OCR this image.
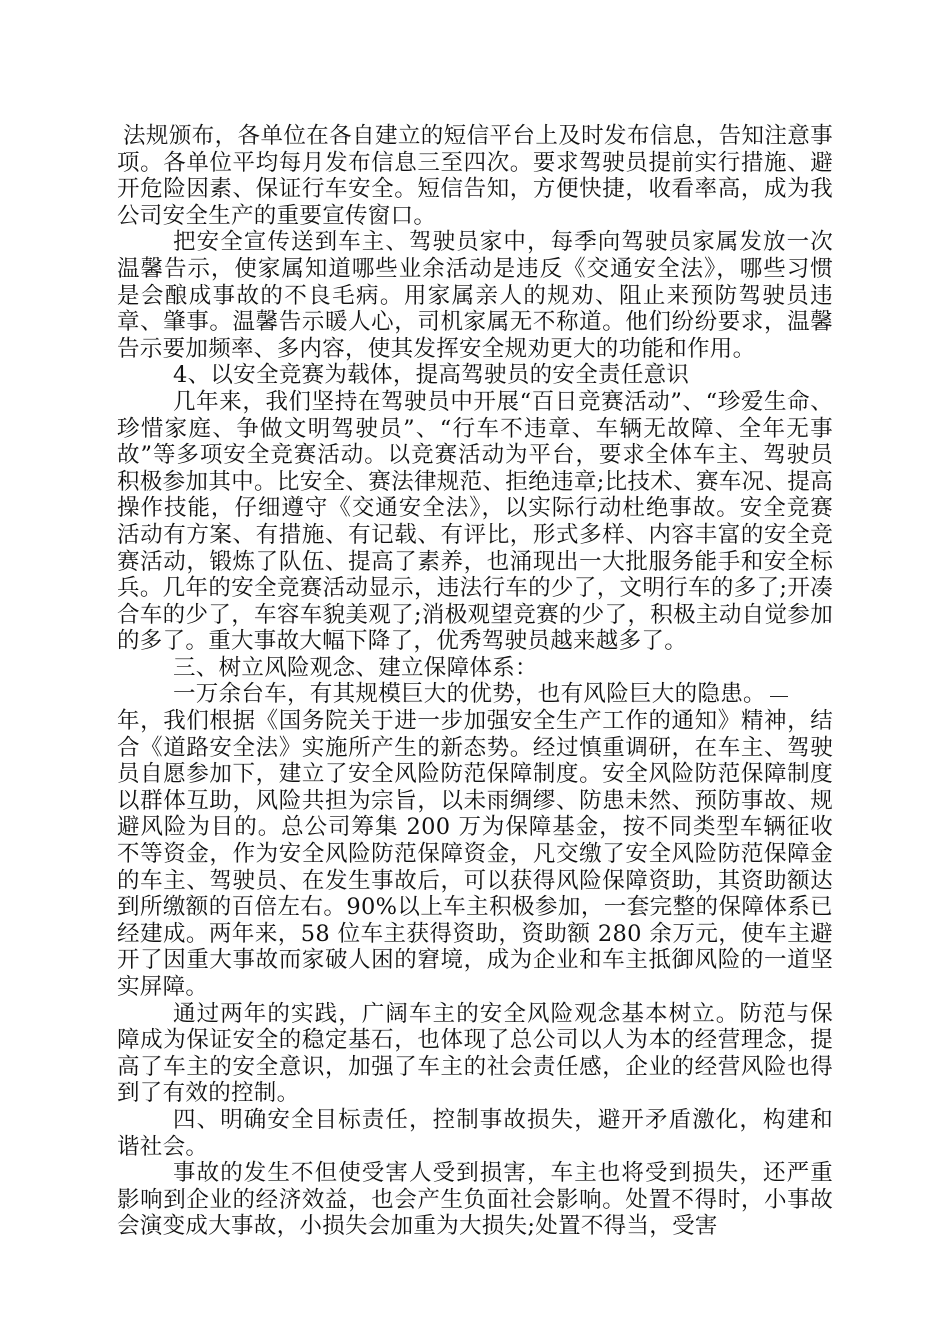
法规颁布，各单位在各自建立的短信平台上及时发布信息，告知注意事项。各单位平均每月发布信息三至四次。要求驾驶员提前实行措施、避开危险因素、保证行车安全。短信告知，方便快捷，收看率高，成为我公司安全生产的重要宣传窗口。

把安全宣传送到车主、驾驶员家中，每季向驾驶员家属发放一次温馨告示，使家属知道哪些业余活动是违反《交通安全法》，哪些习惯是会酿成事故的不良毛病。用家属亲人的规劝、阻止来预防驾驶员违章、肇事。温馨告示暖人心，司机家属无不称道。他们纷纷要求，温馨告示要加频率、多内容，使其发挥安全规劝更大的功能和作用。

4、以安全竞赛为载体，提高驾驶员的安全责任意识

几年来，我们坚持在驾驶员中开展“百日竞赛活动”、“珍爱生命、珍惜家庭、争做文明驾驶员”、“行车不违章、车辆无故障、全年无事故”等多项安全竞赛活动。以竞赛活动为平台，要求全体车主、驾驶员积极参加其中。比安全、赛法律规范、拒绝违章;比技术、赛车况、提高操作技能，仔细遵守《交通安全法》，以实际行动杜绝事故。安全竞赛活动有方案、有措施、有记载、有评比，形式多样、内容丰富的安全竞赛活动，锻炼了队伍、提高了素养，也涌现出一大批服务能手和安全标兵。几年的安全竞赛活动显示，违法行车的少了，文明行车的多了;开凑合车的少了，车容车貌美观了;消极观望竞赛的少了，积极主动自觉参加的多了。重大事故大幅下降了，优秀驾驶员越来越多了。

三、树立风险观念、建立保障体系：

一万余台车，有其规模巨大的优势，也有风险巨大的隐患。

年，我们根据《国务院关于进一步加强安全生产工作的通知》精神，结合《道路安全法》实施所产生的新态势。经过慎重调研，在车主、驾驶员自愿参加下，建立了安全风险防范保障制度。安全风险防范保障制度以群体互助，风险共担为宗旨，以未雨绸缪、防患未然、预防事故、规避风险为目的。总公司筹集 200 万为保障基金，按不同类型车辆征收不等资金，作为安全风险防范保障资金，凡交缴了安全风险防范保障金的车主、驾驶员、在发生事故后，可以获得风险保障资助，其资助额达到所缴额的百倍左右。90%以上车主积极参加，一套完整的保障体系已经建成。两年来，58 位车主获得资助，资助额 280 余万元，使车主避开了因重大事故而家破人困的窘境，成为企业和车主抵御风险的一道坚实屏障。

通过两年的实践，广阔车主的安全风险观念基本树立。防范与保障成为保证安全的稳定基石，也体现了总公司以人为本的经营理念，提高了车主的安全意识，加强了车主的社会责任感，企业的经营风险也得到了有效的控制。

四、明确安全目标责任，控制事故损失，避开矛盾激化，构建和谐社会。

事故的发生不但使受害人受到损害，车主也将受到损失，还严重影响到企业的经济效益，也会产生负面社会影响。处置不得时，小事故会演变成大事故，小损失会加重为大损失;处置不得当，受害
